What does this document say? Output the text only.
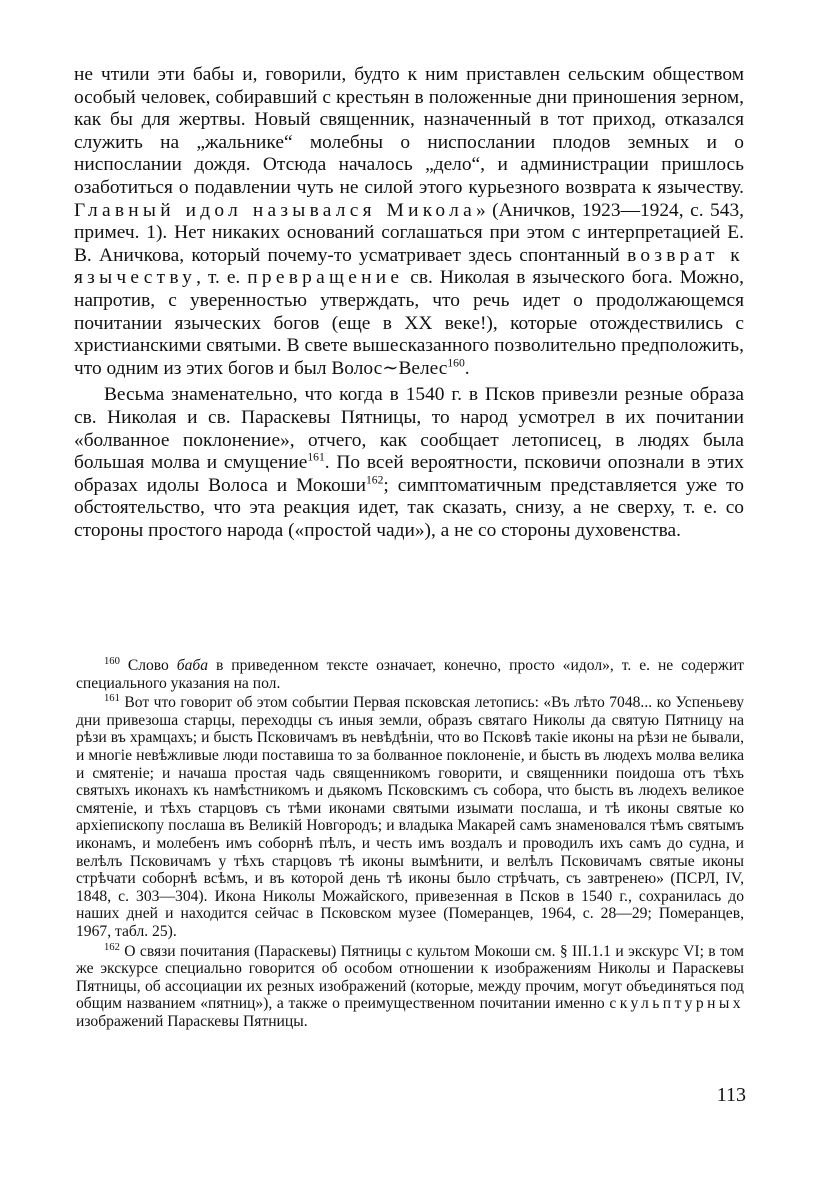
не чтили эти бабы и, говорили, будто к ним приставлен сельским обществом особый человек, собиравший с крестьян в положенные дни приношения зерном, как бы для жертвы. Новый священник, назначенный в тот приход, отказался служить на „жальнике“ молебны о ниспослании плодов земных и о ниспослании дождя. Отсюда началось „дело“, и администрации пришлось озаботиться о подавлении чуть не силой этого курьезного возврата к язычеству. Главный идол назывался Микола» (Аничков, 1923—1924, с. 543, примеч. 1). Нет никаких оснований соглашаться при этом с интерпретацией Е. В. Аничкова, который почему-то усматривает здесь спонтанный возврат к язычеству, т. е. превращение св. Николая в языческого бога. Можно, напротив, с уверенностью утверждать, что речь идет о продолжающемся почитании языческих богов (еще в XX веке!), которые отождествились с христианскими святыми. В свете вышесказанного позволительно предположить, что одним из этих богов и был Волос∼Велес$^{160}$.

Весьма знаменательно, что когда в 1540 г. в Псков привезли резные образа св. Николая и св. Параскевы Пятницы, то народ усмотрел в их почитании «болванное поклонение», отчего, как сообщает летописец, в людях была большая молва и смущение$^{161}$. По всей вероятности, псковичи опознали в этих образах идолы Волоса и Мокоши$^{162}$; симптоматичным представляется уже то обстоятельство, что эта реакция идет, так сказать, снизу, а не сверху, т. е. со стороны простого народа («простой чади»), а не со стороны духовенства.

$^{160}$ Слово баба в приведенном тексте означает, конечно, просто «идол», т. е. не содержит специального указания на пол.

$^{161}$ Вот что говорит об этом событии Первая псковская летопись: «Въ лѣто 7048... ко Успеньеву дни привезоша старцы, переходцы съ иныя земли, образъ святаго Николы да святую Пятницу на рѣзи въ храмцахъ; и бысть Псковичамъ въ невѣдѣніи, что во Псковѣ такіе иконы на рѣзи не бывали, и многіе невѣжливые люди поставиша то за болванное поклоненіе, и бысть въ людехъ молва велика и смятеніе; и начаша простая чадь священникомъ говорити, и священники поидоша отъ тѣхъ святыхъ иконахъ къ намѣстникомъ и дьякомъ Псковскимъ съ собора, что бысть въ людехъ великое смятеніе, и тѣхъ старцовъ съ тѣми иконами святыми изымати послаша, и тѣ иконы святые ко архіепископу послаша въ Великій Новгородъ; и владыка Макарей самъ знаменовался тѣмъ святымъ иконамъ, и молебенъ имъ соборнѣ пѣлъ, и честь имъ воздалъ и проводилъ ихъ самъ до судна, и велѣлъ Псковичамъ у тѣхъ старцовъ тѣ иконы вымѣнити, и велѣлъ Псковичамъ святые иконы стрѣчати соборнѣ всѣмъ, и въ которой день тѣ иконы было стрѣчать, съ завтренею» (ПСРЛ, IV, 1848, с. 303—304). Икона Николы Можайского, привезенная в Псков в 1540 г., сохранилась до наших дней и находится сейчас в Псковском музее (Померанцев, 1964, с. 28—29; Померанцев, 1967, табл. 25).

$^{162}$ О связи почитания (Параскевы) Пятницы с культом Мокоши см. § III.1.1 и экскурс VI; в том же экскурсе специально говорится об особом отношении к изображениям Николы и Параскевы Пятницы, об ассоциации их резных изображений (которые, между прочим, могут объединяться под общим названием «пятниц»), а также о преимущественном почитании именно скульптурных изображений Параскевы Пятницы.

113
